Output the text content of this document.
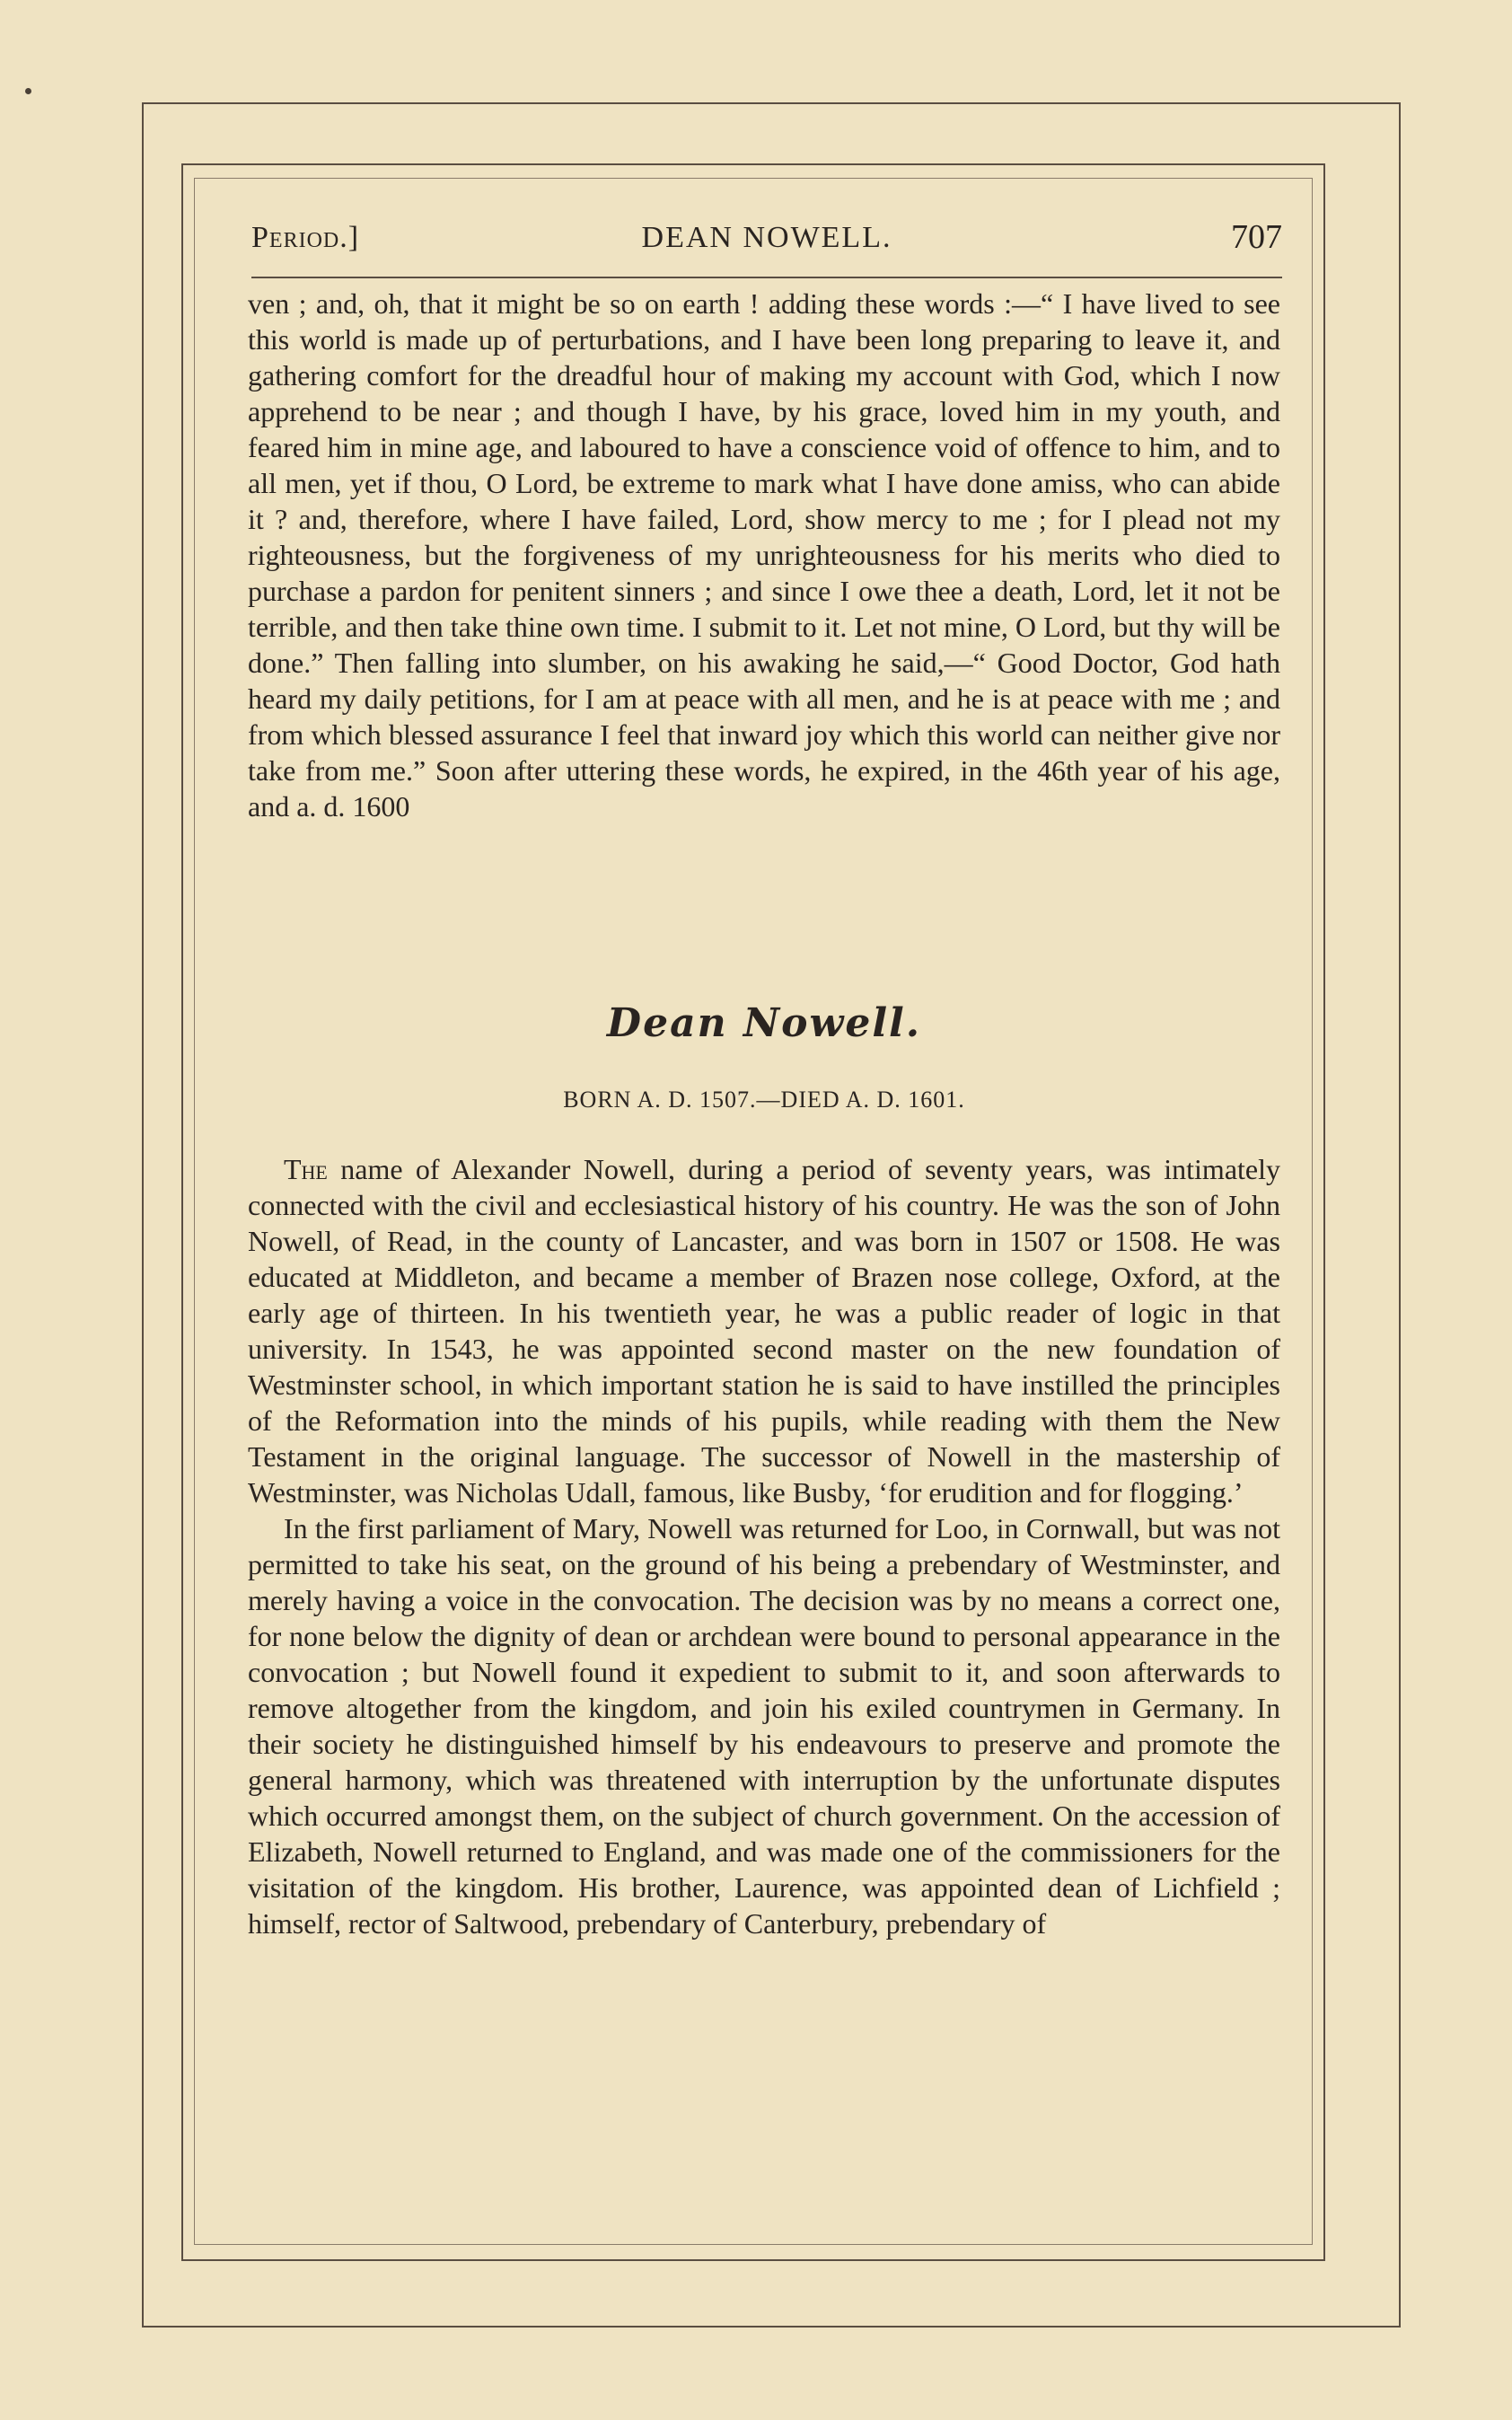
Period.]	DEAN NOWELL.	707

ven ; and, oh, that it might be so on earth ! adding these words :—“ I have lived to see this world is made up of perturbations, and I have been long preparing to leave it, and gathering comfort for the dreadful hour of making my account with God, which I now apprehend to be near ; and though I have, by his grace, loved him in my youth, and feared him in mine age, and laboured to have a conscience void of offence to him, and to all men, yet if thou, O Lord, be extreme to mark what I have done amiss, who can abide it ? and, therefore, where I have failed, Lord, show mercy to me ; for I plead not my righteousness, but the forgiveness of my unrighteousness for his merits who died to purchase a pardon for penitent sinners ; and since I owe thee a death, Lord, let it not be terrible, and then take thine own time. I submit to it. Let not mine, O Lord, but thy will be done.” Then falling into slumber, on his awaking he said,—“ Good Doctor, God hath heard my daily petitions, for I am at peace with all men, and he is at peace with me ; and from which blessed assurance I feel that inward joy which this world can neither give nor take from me.” Soon after uttering these words, he expired, in the 46th year of his age, and a. d. 1600

Dean Nowell.
BORN A. D. 1507.—DIED A. D. 1601.

The name of Alexander Nowell, during a period of seventy years, was intimately connected with the civil and ecclesiastical history of his country. He was the son of John Nowell, of Read, in the county of Lancaster, and was born in 1507 or 1508. He was educated at Middleton, and became a member of Brazen nose college, Oxford, at the early age of thirteen. In his twentieth year, he was a public reader of logic in that university. In 1543, he was appointed second master on the new foundation of Westminster school, in which important station he is said to have instilled the principles of the Reformation into the minds of his pupils, while reading with them the New Testament in the original language. The successor of Nowell in the mastership of Westminster, was Nicholas Udall, famous, like Busby, ‘for erudition and for flogging.’

In the first parliament of Mary, Nowell was returned for Loo, in Cornwall, but was not permitted to take his seat, on the ground of his being a prebendary of Westminster, and merely having a voice in the convocation. The decision was by no means a correct one, for none below the dignity of dean or archdean were bound to personal appearance in the convocation ; but Nowell found it expedient to submit to it, and soon afterwards to remove altogether from the kingdom, and join his exiled countrymen in Germany. In their society he distinguished himself by his endeavours to preserve and promote the general harmony, which was threatened with interruption by the unfortunate disputes which occurred amongst them, on the subject of church government. On the accession of Elizabeth, Nowell returned to England, and was made one of the commissioners for the visitation of the kingdom. His brother, Laurence, was appointed dean of Lichfield ; himself, rector of Saltwood, prebendary of Canterbury, prebendary of
